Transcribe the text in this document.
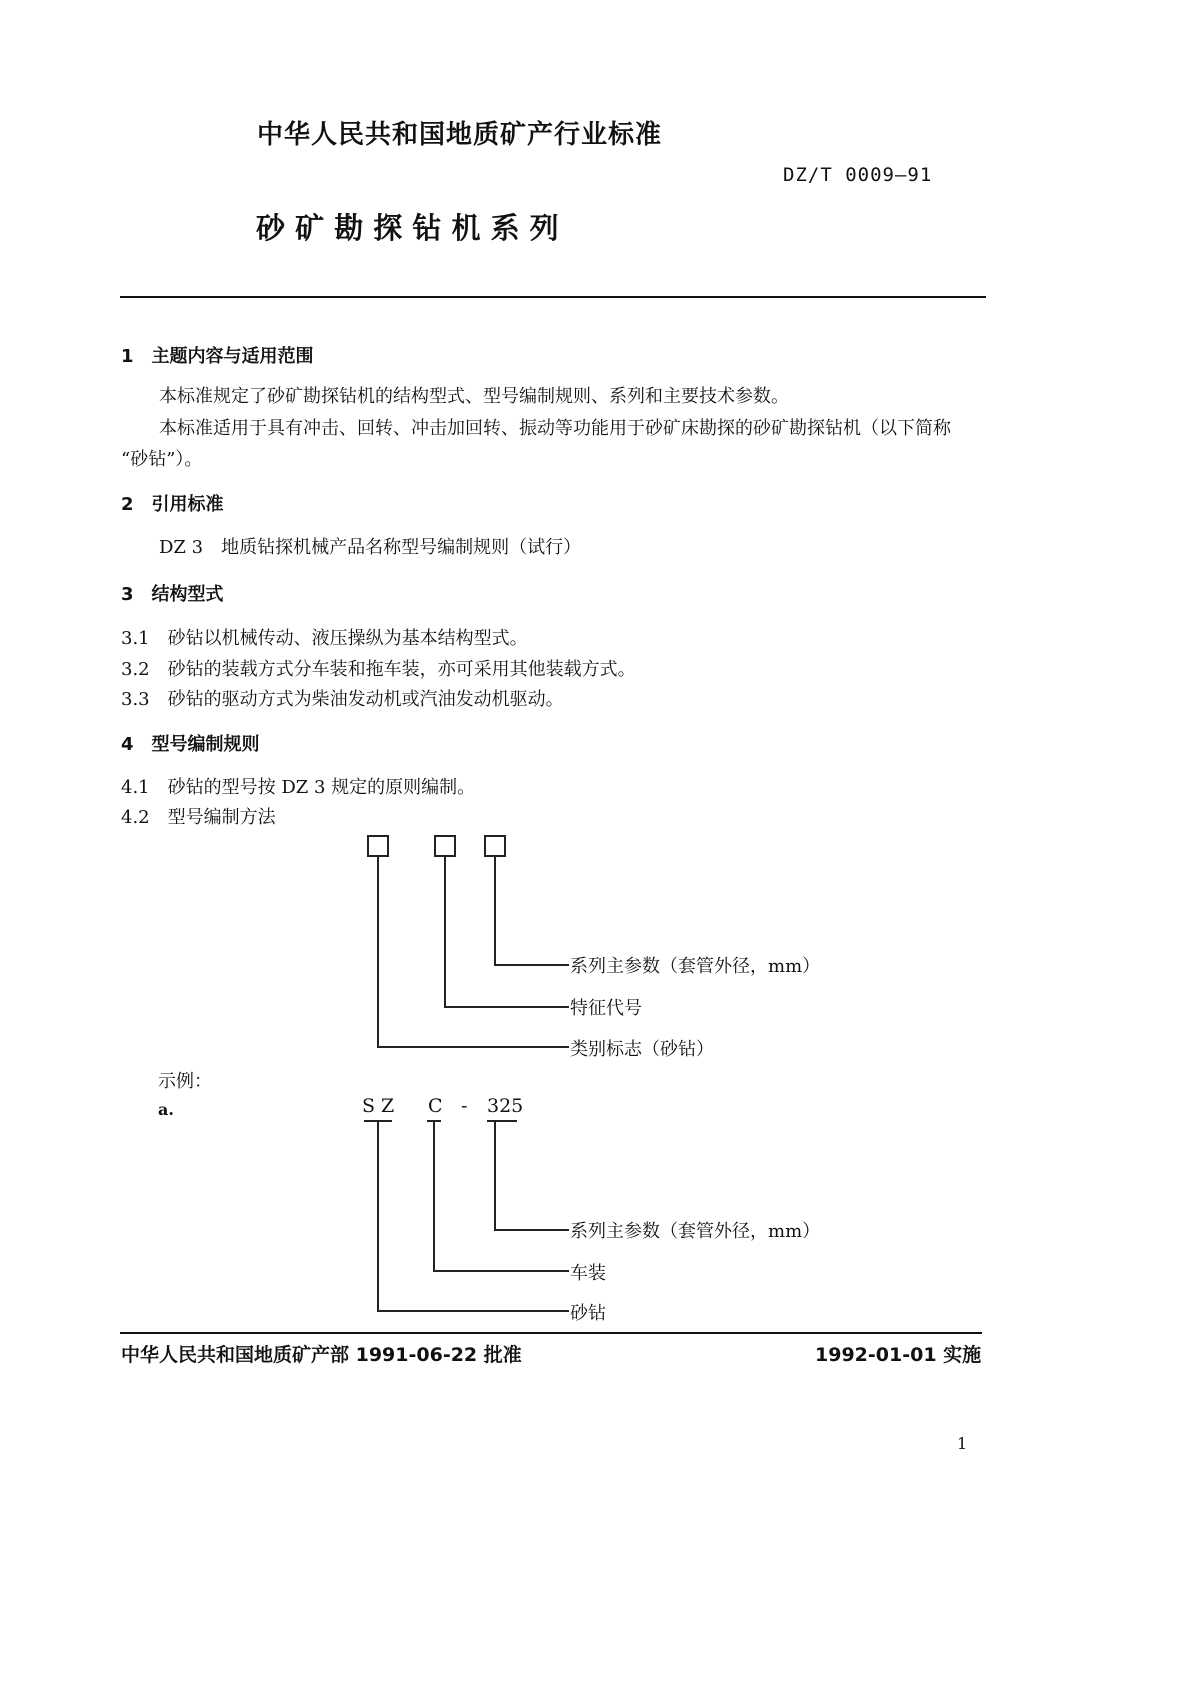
中华人民共和国地质矿产行业标准
DZ/T 0009—91
砂 矿 勘 探 钻 机 系 列
1　主题内容与适用范围
本标准规定了砂矿勘探钻机的结构型式、型号编制规则、系列和主要技术参数。
本标准适用于具有冲击、回转、冲击加回转、振动等功能用于砂矿床勘探的砂矿勘探钻机（以下简称
“砂钻”）。
2　引用标准
DZ 3　地质钻探机械产品名称型号编制规则（试行）
3　结构型式
3.1　砂钻以机械传动、液压操纵为基本结构型式。
3.2　砂钻的装载方式分车装和拖车装，亦可采用其他装载方式。
3.3　砂钻的驱动方式为柴油发动机或汽油发动机驱动。
4　型号编制规则
4.1　砂钻的型号按 DZ 3 规定的原则编制。
4.2　型号编制方法
系列主参数（套管外径，mm）
特征代号
类别标志（砂钻）
示例：
a.	S Z C - 325
系列主参数（套管外径，mm）
车装
砂钻
中华人民共和国地质矿产部 1991-06-22 批准	1992-01-01 实施
1
